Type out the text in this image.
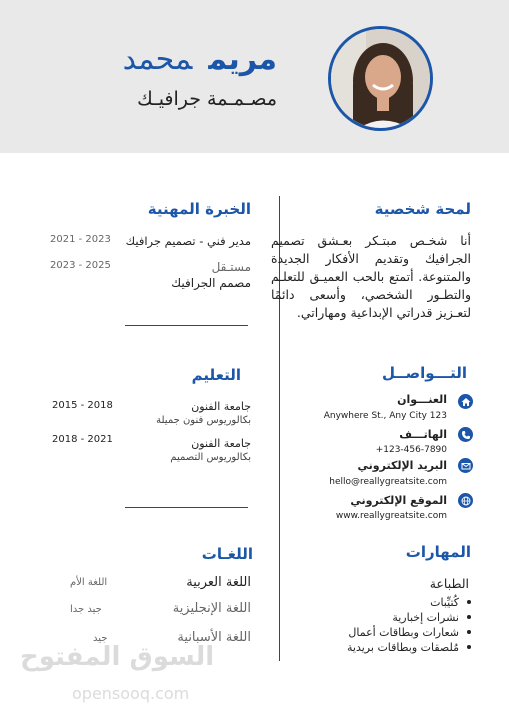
مريممحمد
مصـمـمة جرافيـك
لمحة شخصية
أنا شخـص مبتـكر بعـشق تصميم الجرافيك وتقديم الأفكار الجديدة والمتنوعة. أتمتع بالحب العميـق للتعلـم والتطـور الشخصي، وأسعى دائمًا لتعـزيز قدراتي الإبداعية ومهاراتي.
الخبرة المهنية
مدير فني - تصميم جرافيك
2021 - 2023
مستـقل
مصمم الجرافيك
2023 - 2025
التعليم
جامعة الفنون
بكالوريوس فنون جميلة
2015 - 2018
جامعة الفنون
بكالوريوس التصميم
2018 - 2021
اللغـات
اللغة العربية
اللغة الأم
اللغة الإنجليزية
جيد جدا
اللغة الأسبانية
جيد
التـــواصــل
العنـــوان
Anywhere St., Any City 123
الهاتـــف
+123-456-7890
البريد الإلكتروني
hello@reallygreatsite.com
الموقع الإلكتروني
www.reallygreatsite.com
المهارات
الطباعة
كُتيِّبات
نشرات إخبارية
شعارات وبطاقات أعمال
مُلصقات وبطاقات بريدية
السوق المفتوح
opensooq.com
